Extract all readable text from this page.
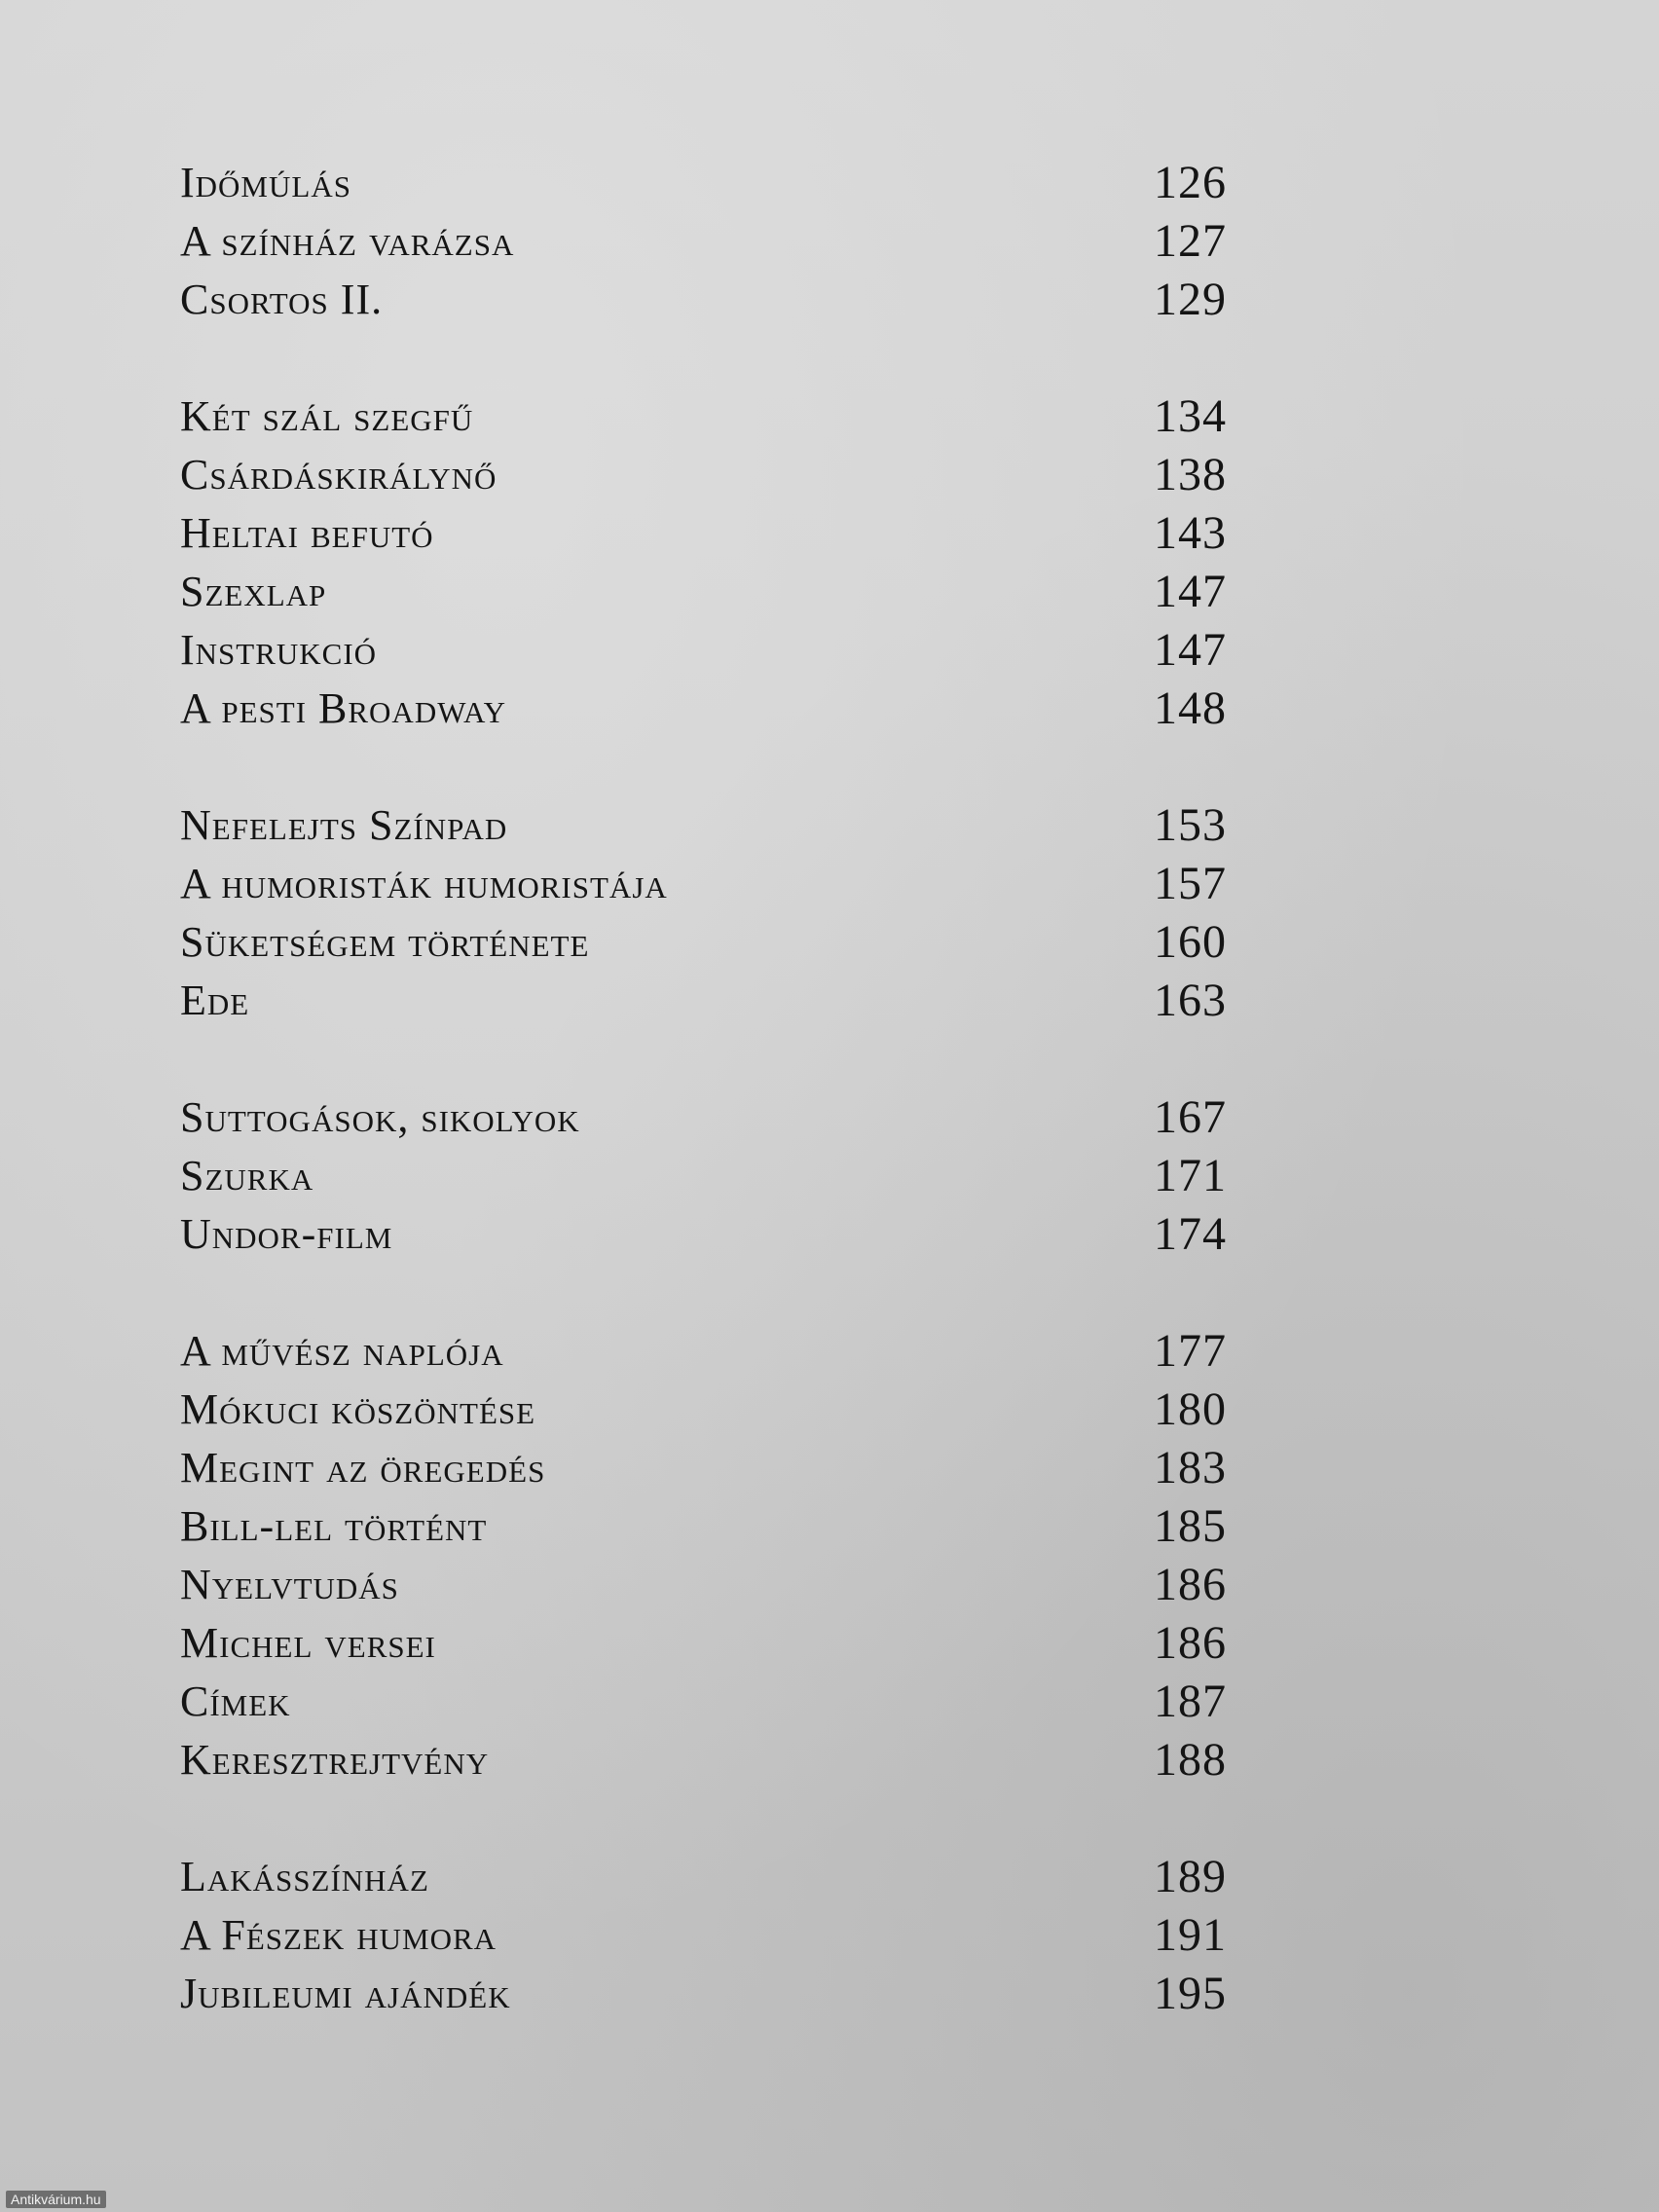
Időmúlás	126
A színház varázsa	127
Csortos II.	129
Két szál szegfű	134
Csárdáskirálynő	138
Heltai befutó	143
Szexlap	147
Instrukció	147
A pesti Broadway	148
Nefelejts Színpad	153
A humoristák humoristája	157
Süketségem története	160
Ede	163
Suttogások, sikolyok	167
Szurka	171
Undor-film	174
A művész naplója	177
Mókuci köszöntése	180
Megint az öregedés	183
Bill-lel történt	185
Nyelvtudás	186
Michel versei	186
Címek	187
Keresztrejtvény	188
Lakásszínház	189
A Fészek humora	191
Jubileumi ajándék	195
Antikvárium.hu
